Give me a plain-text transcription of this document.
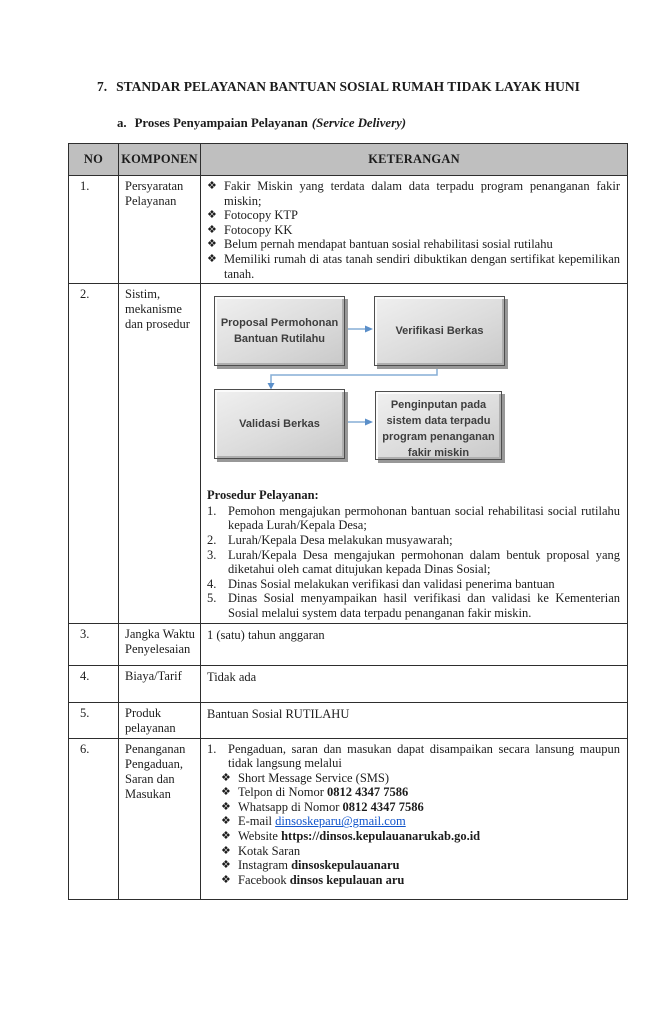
7. STANDAR PELAYANAN BANTUAN SOSIAL RUMAH TIDAK LAYAK HUNI
a. Proses Penyampaian Pelayanan (Service Delivery)
NO	KOMPONEN	KETERANGAN
1.	Persyaratan Pelayanan	
❖ Fakir Miskin yang terdata dalam data terpadu program penanganan fakir miskin;
❖ Fotocopy KTP
❖ Fotocopy KK
❖ Belum pernah mendapat bantuan sosial rehabilitasi sosial rutilahu
❖ Memiliki rumah di atas tanah sendiri dibuktikan dengan sertifikat kepemilikan tanah.

2.	Sistim, mekanisme dan prosedur	Proposal Permohonan Bantuan Rutilahu
Verifikasi Berkas
Validasi Berkas
Penginputan pada
sistem data terpadu
program penanganan
fakir miskin
Prosedur Pelayanan:
1. Pemohon mengajukan permohonan bantuan social rehabilitasi social rutilahu kepada Lurah/Kepala Desa;
2. Lurah/Kepala Desa melakukan musyawarah;
3. Lurah/Kepala Desa mengajukan permohonan dalam bentuk proposal yang diketahui oleh camat ditujukan kepada Dinas Sosial;
4. Dinas Sosial melakukan verifikasi dan validasi penerima bantuan
5. Dinas Sosial menyampaikan hasil verifikasi dan validasi ke Kementerian Sosial melalui system data terpadu penanganan fakir miskin.

3.	Jangka Waktu Penyelesaian	1 (satu) tahun anggaran

4.	Biaya/Tarif	Tidak ada

5.	Produk pelayanan	Bantuan Sosial RUTILAHU

6.	Penanganan Pengaduan, Saran dan Masukan	
1. Pengaduan, saran dan masukan dapat disampaikan secara lansung maupun tidak langsung melalui
❖ Short Message Service (SMS)
❖ Telpon di Nomor 0812 4347 7586
❖ Whatsapp di Nomor 0812 4347 7586
❖ E-mail dinsoskeparu@gmail.com
❖ Website https://dinsos.kepulauanarukab.go.id
❖ Kotak Saran
❖ Instagram dinsoskepulauanaru
❖ Facebook dinsos kepulauan aru
